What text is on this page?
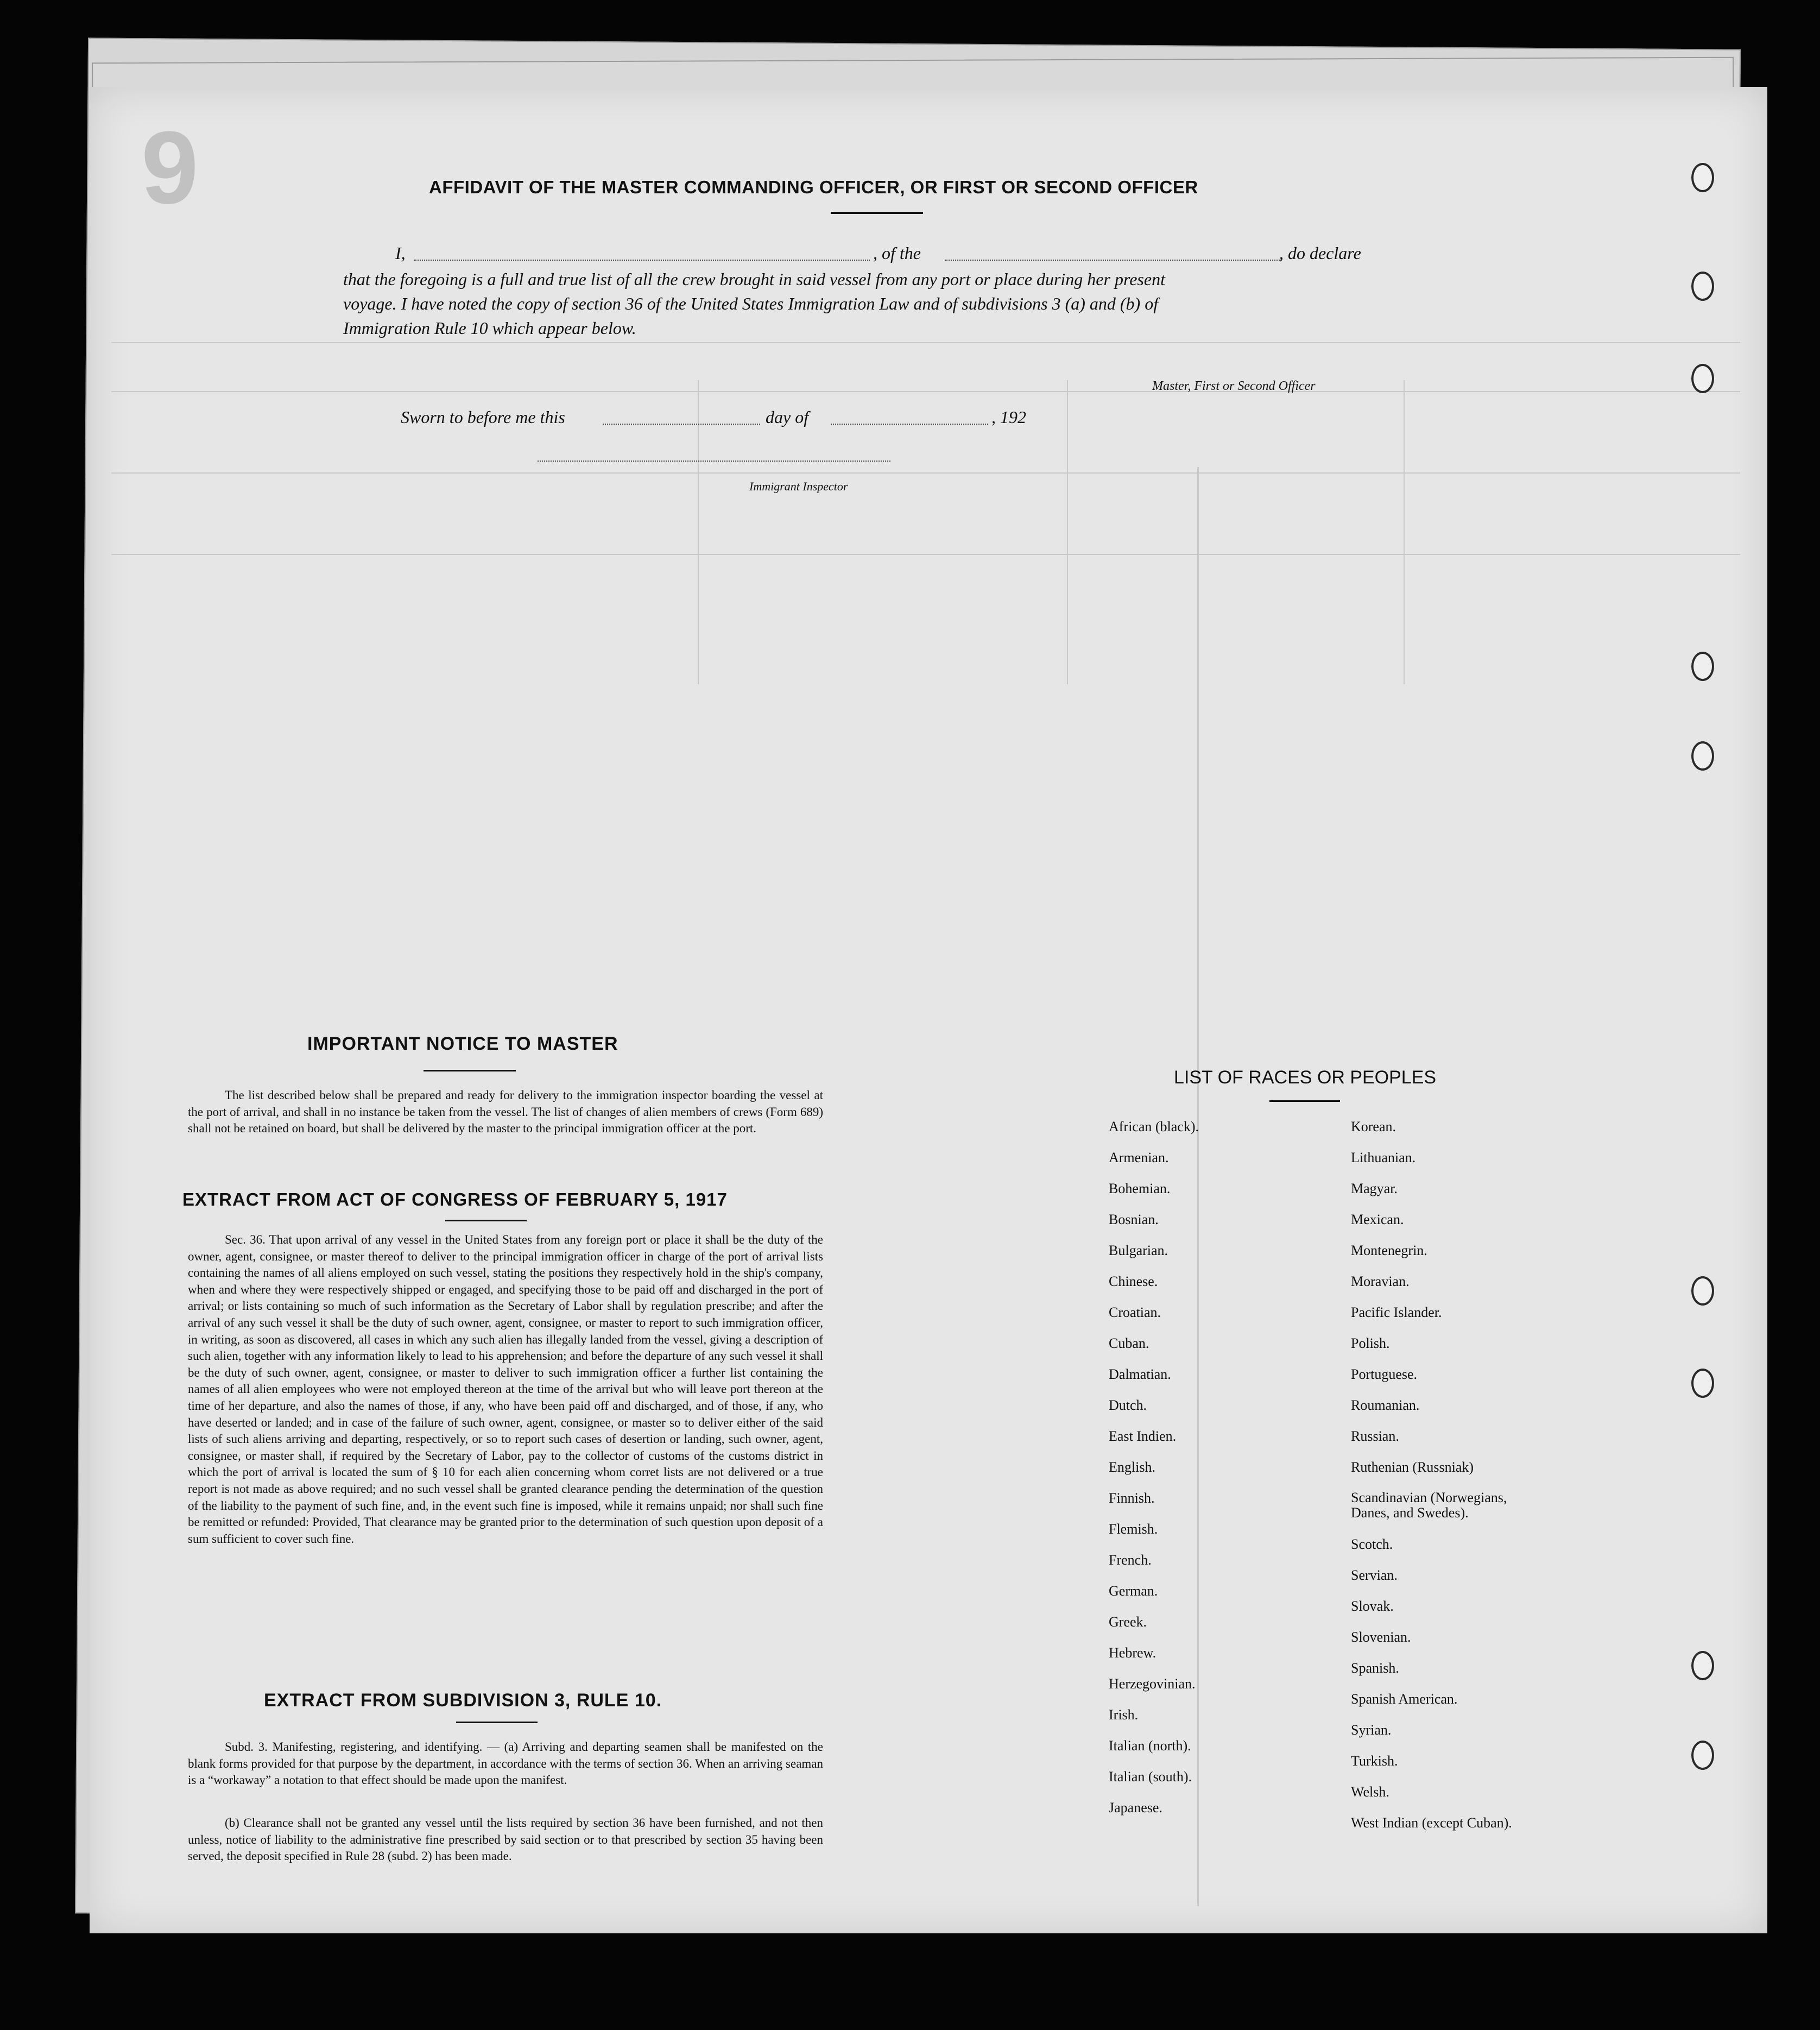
9	AFFIDAVIT OF THE MASTER COMMANDING OFFICER, OR FIRST OR SECOND OFFICER
I,	, of the	, do declare
that the foregoing is a full and true list of all the crew brought in said vessel from any port or place during her present
voyage. I have noted the copy of section 36 of the United States Immigration Law and of subdivisions 3 (a) and (b) of
Immigration Rule 10 which appear below.
Master, First or Second Officer
Sworn to before me this	day of	, 192
Immigrant Inspector
IMPORTANT NOTICE TO MASTER
The list described below shall be prepared and ready for delivery to the immigration inspector boarding the vessel at the port of arrival, and shall in no instance be taken from the vessel. The list of changes of alien members of crews (Form 689) shall not be retained on board, but shall be delivered by the master to the principal immigration officer at the port.
EXTRACT FROM ACT OF CONGRESS OF FEBRUARY 5, 1917
Sec. 36. That upon arrival of any vessel in the United States from any foreign port or place it shall be the duty of the owner, agent, consignee, or master thereof to deliver to the principal immigration officer in charge of the port of arrival lists containing the names of all aliens employed on such vessel, stating the positions they respectively hold in the ship's company, when and where they were respectively shipped or engaged, and specifying those to be paid off and discharged in the port of arrival; or lists containing so much of such information as the Secretary of Labor shall by regulation prescribe; and after the arrival of any such vessel it shall be the duty of such owner, agent, consignee, or master to report to such immigration officer, in writing, as soon as discovered, all cases in which any such alien has illegally landed from the vessel, giving a description of such alien, together with any information likely to lead to his apprehension; and before the departure of any such vessel it shall be the duty of such owner, agent, consignee, or master to deliver to such immigration officer a further list containing the names of all alien employees who were not employed thereon at the time of the arrival but who will leave port thereon at the time of her departure, and also the names of those, if any, who have been paid off and discharged, and of those, if any, who have deserted or landed; and in case of the failure of such owner, agent, consignee, or master so to deliver either of the said lists of such aliens arriving and departing, respectively, or so to report such cases of desertion or landing, such owner, agent, consignee, or master shall, if required by the Secretary of Labor, pay to the collector of customs of the customs district in which the port of arrival is located the sum of § 10 for each alien concerning whom corret lists are not delivered or a true report is not made as above required; and no such vessel shall be granted clearance pending the determination of the question of the liability to the payment of such fine, and, in the event such fine is imposed, while it remains unpaid; nor shall such fine be remitted or refunded: Provided, That clearance may be granted prior to the determination of such question upon deposit of a sum sufficient to cover such fine.
EXTRACT FROM SUBDIVISION 3, RULE 10.
Subd. 3. Manifesting, registering, and identifying. — (a) Arriving and departing seamen shall be manifested on the blank forms provided for that purpose by the department, in accordance with the terms of section 36. When an arriving seaman is a “workaway” a notation to that effect should be made upon the manifest.
(b) Clearance shall not be granted any vessel until the lists required by section 36 have been furnished, and not then unless, notice of liability to the administrative fine prescribed by said section or to that prescribed by section 35 having been served, the deposit specified in Rule 28 (subd. 2) has been made.
LIST OF RACES OR PEOPLES
African (black).
Armenian.
Bohemian.
Bosnian.
Bulgarian.
Chinese.
Croatian.
Cuban.
Dalmatian.
Dutch.
East Indien.
English.
Finnish.
Flemish.
French.
German.
Greek.
Hebrew.
Herzegovinian.
Irish.
Italian (north).
Italian (south).
Japanese.
Korean.
Lithuanian.
Magyar.
Mexican.
Montenegrin.
Moravian.
Pacific Islander.
Polish.
Portuguese.
Roumanian.
Russian.
Ruthenian (Russniak)
Scandinavian (Norwegians, Danes, and Swedes).
Scotch.
Servian.
Slovak.
Slovenian.
Spanish.
Spanish American.
Syrian.
Turkish.
Welsh.
West Indian (except Cuban).
